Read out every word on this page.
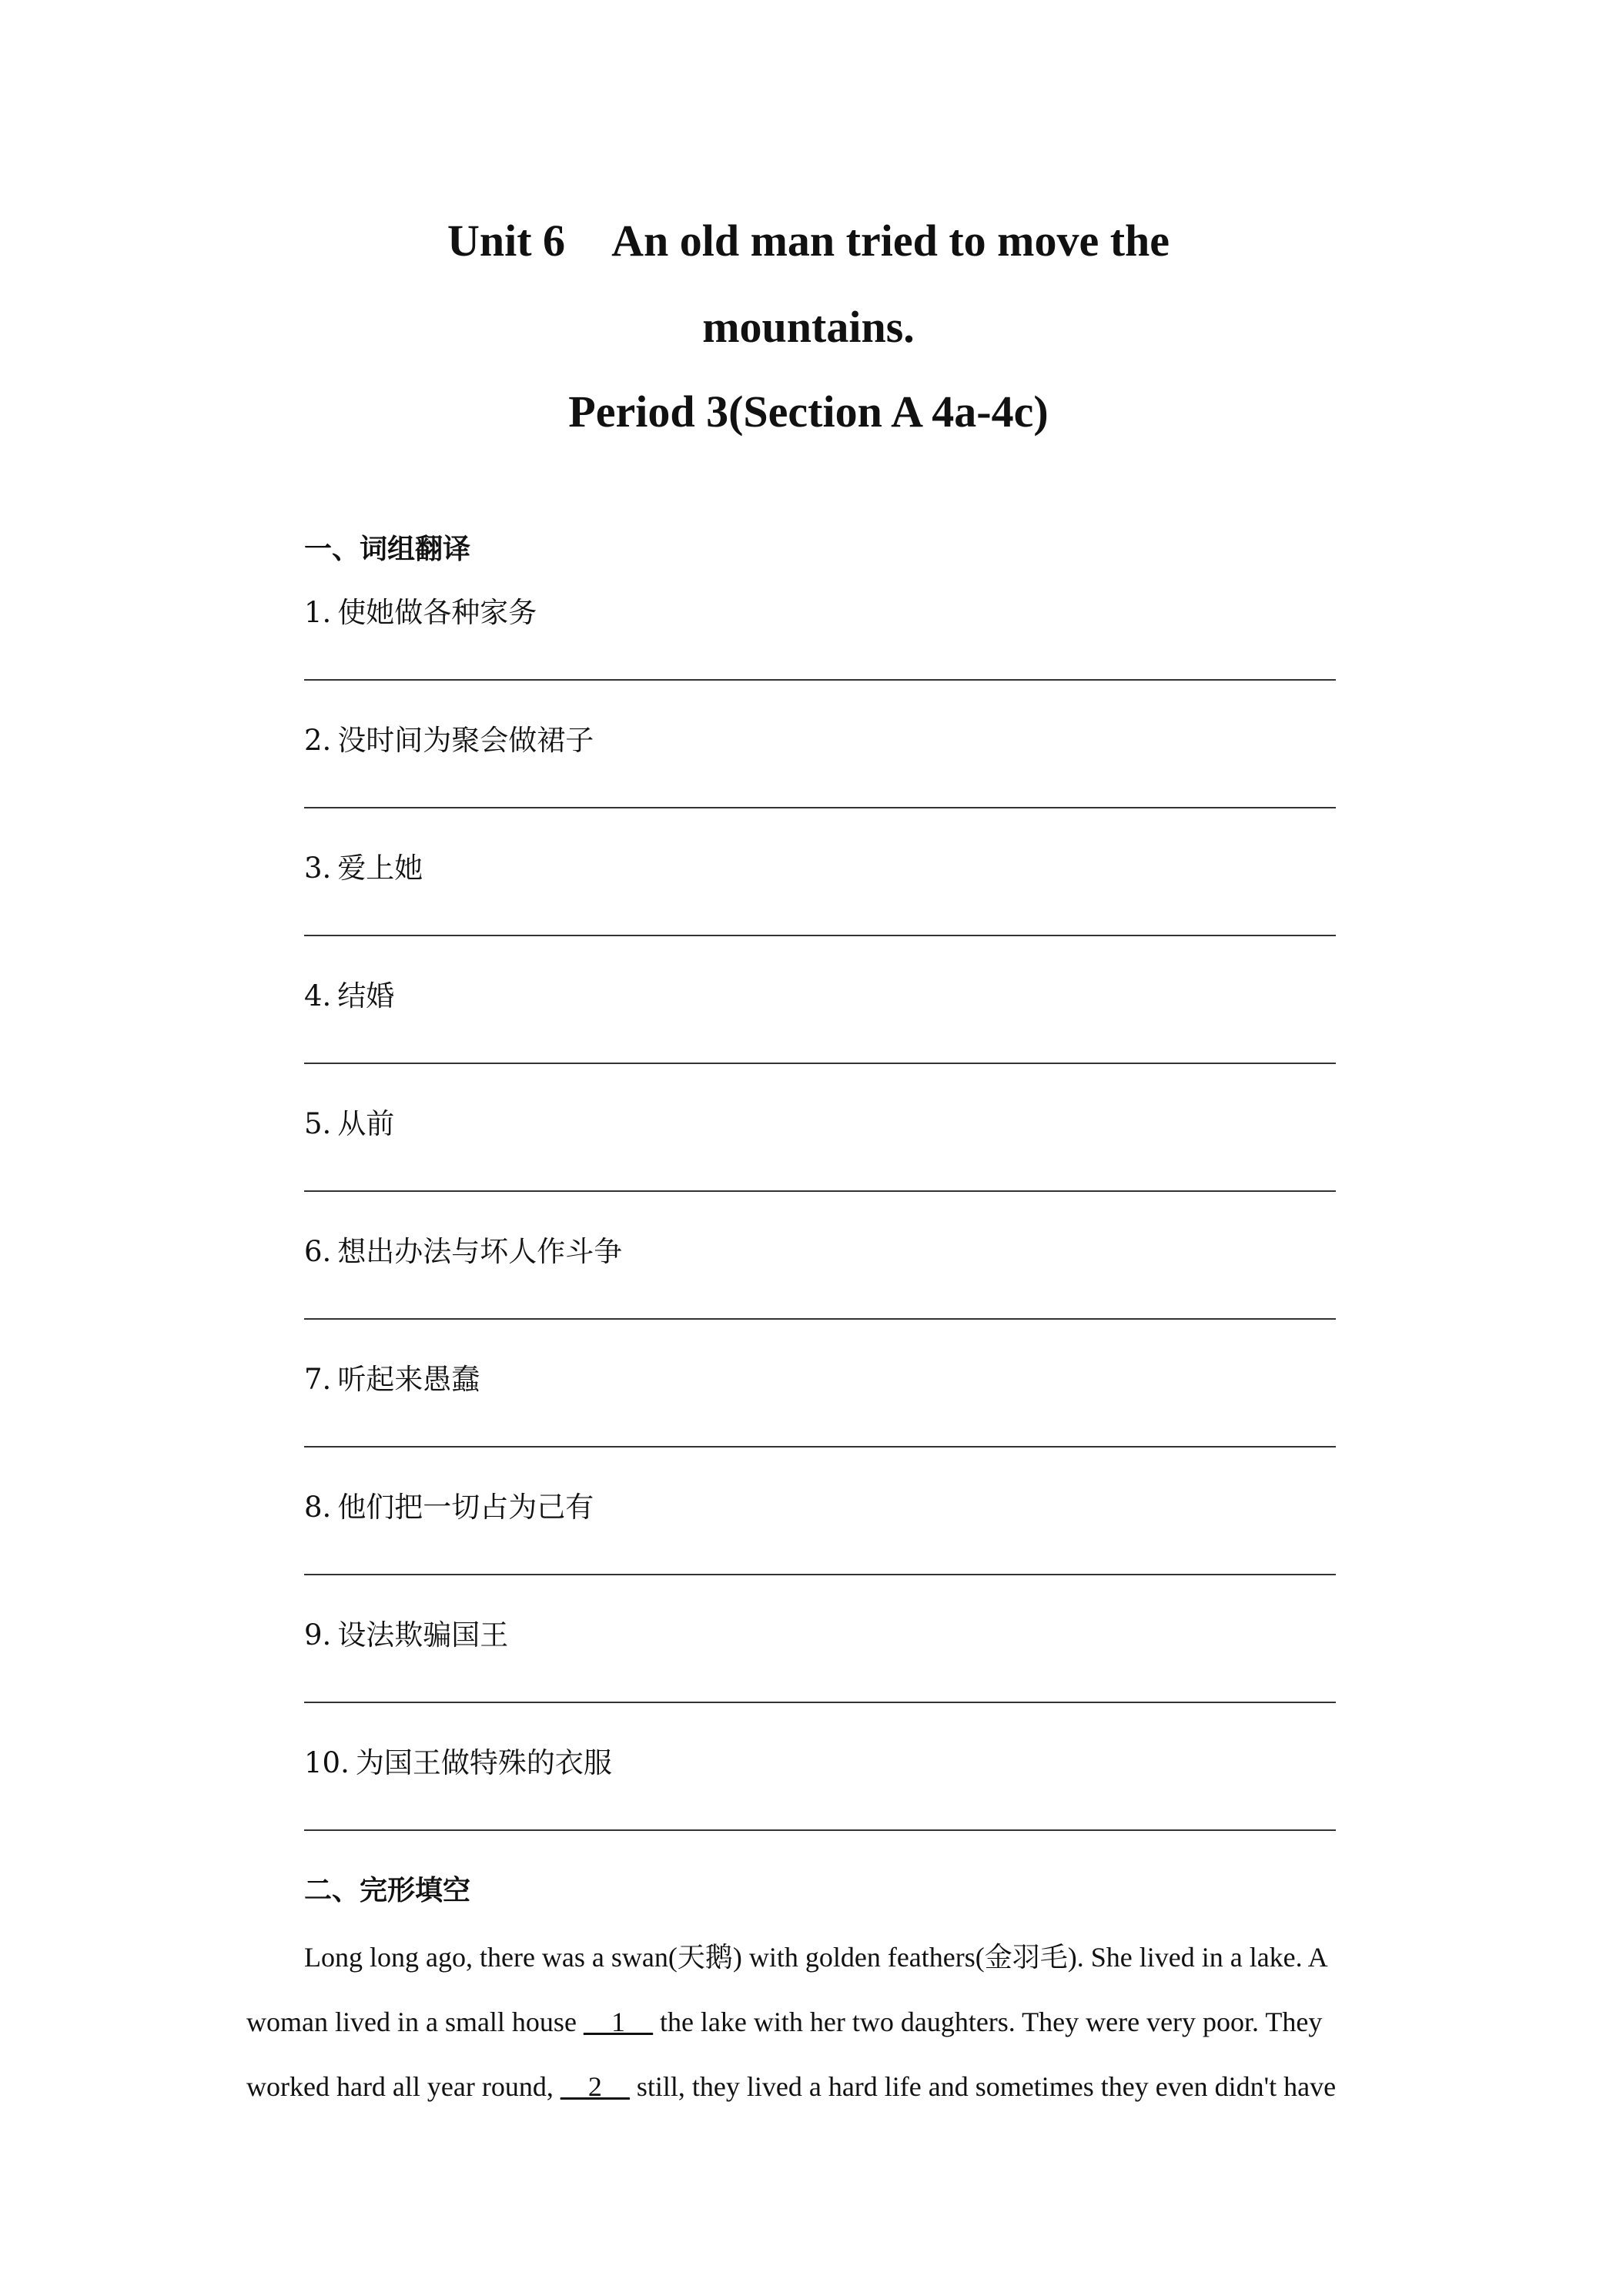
Unit 6 An old man tried to move the
mountains.
Period 3(Section A 4a-4c)
一、词组翻译
1. 使她做各种家务
2. 没时间为聚会做裙子
3. 爱上她
4. 结婚
5. 从前
6. 想出办法与坏人作斗争
7. 听起来愚蠢
8. 他们把一切占为己有
9. 设法欺骗国王
10. 为国王做特殊的衣服
二、完形填空

Long long ago, there was a swan(天鹅) with golden feathers(金羽毛). She lived in a lake. A
woman lived in a small house __1__ the lake with her two daughters. They were very poor. They
worked hard all year round, __2__ still, they lived a hard life and sometimes they even didn't have
